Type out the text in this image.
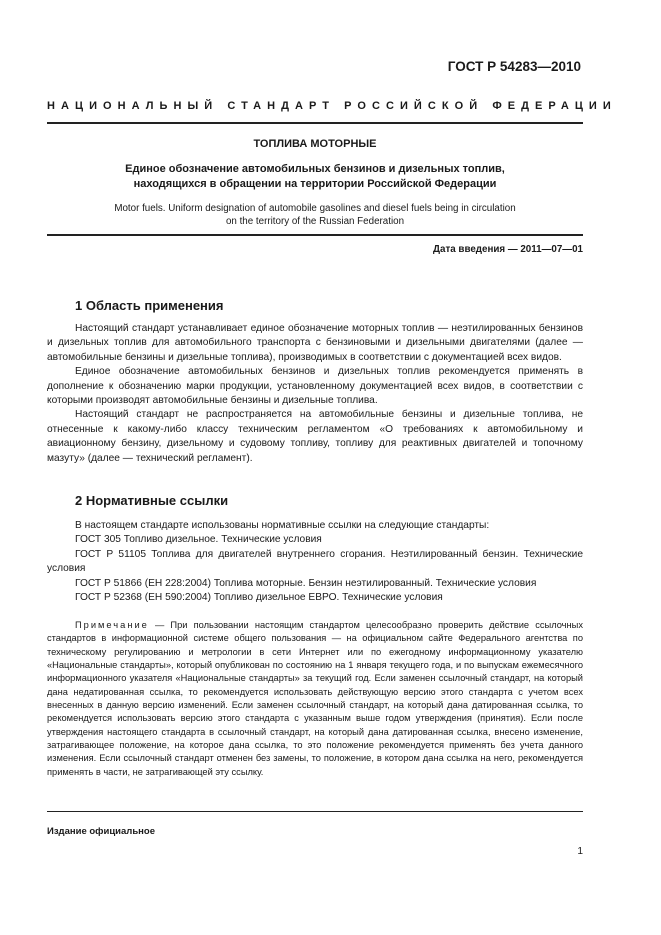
ГОСТ Р 54283—2010
НАЦИОНАЛЬНЫЙ СТАНДАРТ РОССИЙСКОЙ ФЕДЕРАЦИИ
ТОПЛИВА МОТОРНЫЕ
Единое обозначение автомобильных бензинов и дизельных топлив,
находящихся в обращении на территории Российской Федерации
Motor fuels. Uniform designation of automobile gasolines and diesel fuels being in circulation
on the territory of the Russian Federation
Дата введения — 2011—07—01
1 Область применения

Настоящий стандарт устанавливает единое обозначение моторных топлив — неэтилированных бензинов и дизельных топлив для автомобильного транспорта с бензиновыми и дизельными двигателями (далее — автомобильные бензины и дизельные топлива), производимых в соответствии с документацией всех видов.

Единое обозначение автомобильных бензинов и дизельных топлив рекомендуется применять в дополнение к обозначению марки продукции, установленному документацией всех видов, в соответствии с которыми производят автомобильные бензины и дизельные топлива.

Настоящий стандарт не распространяется на автомобильные бензины и дизельные топлива, не отнесенные к какому-либо классу техническим регламентом «О требованиях к автомобильному и авиационному бензину, дизельному и судовому топливу, топливу для реактивных двигателей и топочному мазуту» (далее — технический регламент).

2 Нормативные ссылки

В настоящем стандарте использованы нормативные ссылки на следующие стандарты:

ГОСТ 305 Топливо дизельное. Технические условия

ГОСТ Р 51105 Топлива для двигателей внутреннего сгорания. Неэтилированный бензин. Технические условия

ГОСТ Р 51866 (ЕН 228:2004) Топлива моторные. Бензин неэтилированный. Технические условия

ГОСТ Р 52368 (ЕН 590:2004) Топливо дизельное ЕВРО. Технические условия

Примечание — При пользовании настоящим стандартом целесообразно проверить действие ссылочных стандартов в информационной системе общего пользования — на официальном сайте Федерального агентства по техническому регулированию и метрологии в сети Интернет или по ежегодному информационному указателю «Национальные стандарты», который опубликован по состоянию на 1 января текущего года, и по выпускам ежемесячного информационного указателя «Национальные стандарты» за текущий год. Если заменен ссылочный стандарт, на который дана недатированная ссылка, то рекомендуется использовать действующую версию этого стандарта с учетом всех внесенных в данную версию изменений. Если заменен ссылочный стандарт, на который дана датированная ссылка, то рекомендуется использовать версию этого стандарта с указанным выше годом утверждения (принятия). Если после утверждения настоящего стандарта в ссылочный стандарт, на который дана датированная ссылка, внесено изменение, затрагивающее положение, на которое дана ссылка, то это положение рекомендуется применять без учета данного изменения. Если ссылочный стандарт отменен без замены, то положение, в котором дана ссылка на него, рекомендуется применять в части, не затрагивающей эту ссылку.
Издание официальное
1
